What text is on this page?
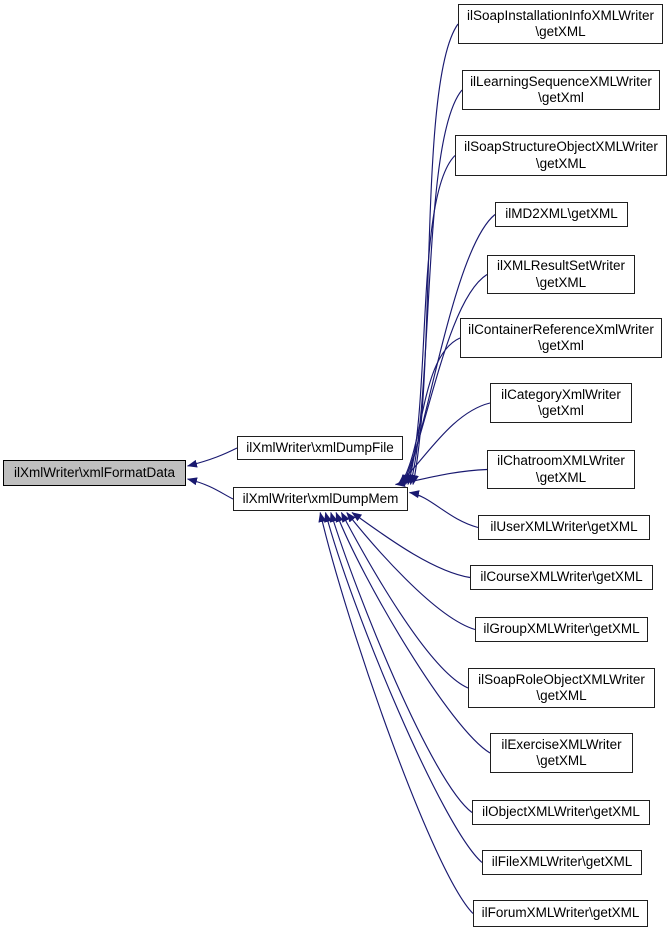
ilXmlWriter\xmlFormatData
ilXmlWriter\xmlDumpFile
ilXmlWriter\xmlDumpMem
ilSoapInstallationInfoXMLWriter
\getXML
ilLearningSequenceXMLWriter
\getXml
ilSoapStructureObjectXMLWriter
\getXML
ilMD2XML\getXML
ilXMLResultSetWriter
\getXML
ilContainerReferenceXmlWriter
\getXml
ilCategoryXmlWriter
\getXml
ilChatroomXMLWriter
\getXML
ilUserXMLWriter\getXML
ilCourseXMLWriter\getXML
ilGroupXMLWriter\getXML
ilSoapRoleObjectXMLWriter
\getXML
ilExerciseXMLWriter
\getXML
ilObjectXMLWriter\getXML
ilFileXMLWriter\getXML
ilForumXMLWriter\getXML
